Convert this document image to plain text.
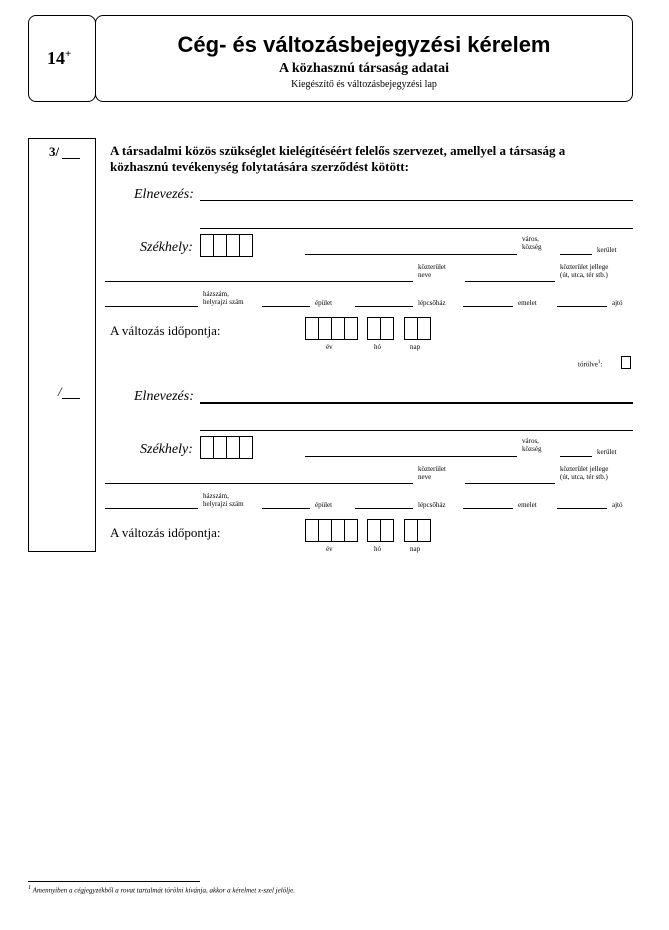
14+	Cég- és változásbejegyzési kérelem
A közhasznú társaság adatai
Kiegészítő és változásbejegyzési lap
3/
/
A társadalmi közös szükséglet kielégítéséért felelős szervezet, amellyel a társaság a
közhasznú tevékenység folytatására szerződést kötött:
Elnevezés:
Székhely:
város,
község	kerület
közterület
neve
közterület jellege
(út, utca, tér stb.)
házszám,
helyrajzi szám	épület	lépcsőház	emelet	ajtó
A változás időpontja:
év	hó	nap
törölve$^1$:
Elnevezés:
Székhely:
város,
község	kerület
közterület
neve
közterület jellege
(út, utca, tér stb.)
házszám,
helyrajzi szám	épület	lépcsőház	emelet	ajtó
A változás időpontja:
év	hó	nap
$^1$ Amennyiben a cégjegyzékből a rovat tartalmát törölni kívánja, akkor a kérelmet x-szel jelölje.
